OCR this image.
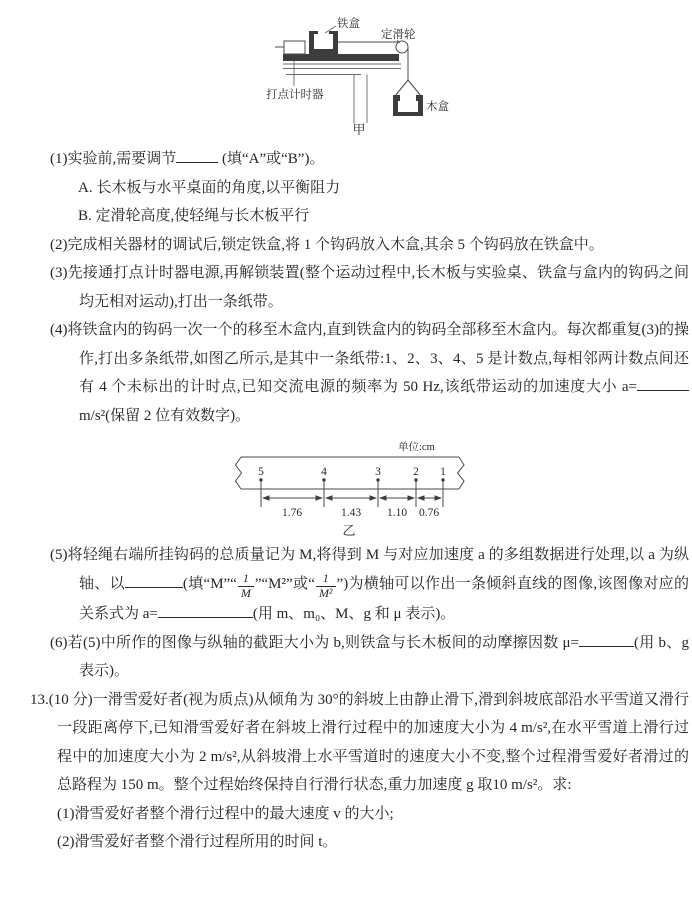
打点计时器
铁盒
定滑轮
木盒
甲
(1)实验前,需要调节	(填“A”或“B”)。
A. 长木板与水平桌面的角度,以平衡阻力
B. 定滑轮高度,使轻绳与长木板平行
(2)完成相关器材的调试后,锁定铁盒,将 1 个钩码放入木盒,其余 5 个钩码放在铁盒中。
(3)先接通打点计时器电源,再解锁装置(整个运动过程中,长木板与实验桌、铁盒与盒内的钩码之间均无相对运动),打出一条纸带。
(4)将铁盒内的钩码一次一个的移至木盒内,直到铁盒内的钩码全部移至木盒内。每次都重复(3)的操作,打出多条纸带,如图乙所示,是其中一条纸带:1、2、3、4、5 是计数点,每相邻两计数点间还有 4 个未标出的计时点,已知交流电源的频率为 50 Hz,该纸带运动的加速度大小 a= m/s²(保留 2 位有效数字)。
单位:cm
5	4	3	2 1
1.76	1.43 1.10 0.76
乙
(5)将轻绳右端所挂钩码的总质量记为 M,将得到 M 与对应加速度 a 的多组数据进行处理,以 a 为纵轴、以	(填“M”“ $\frac{1}{M}$ ”“M²”或“ $\frac{1}{\text{M²}}$ ”)为横轴可以作出一条倾斜直线的图像,该图像对应的关系式为 a=	(用 m、m₀、M、g 和 μ 表示)。
(6)若(5)中所作的图像与纵轴的截距大小为 b,则铁盒与长木板间的动摩擦因数 μ=	(用 b、g 表示)。
13.(10 分)一滑雪爱好者(视为质点)从倾角为 30°的斜坡上由静止滑下,滑到斜坡底部沿水平雪道又滑行一段距离停下,已知滑雪爱好者在斜坡上滑行过程中的加速度大小为 4 m/s²,在水平雪道上滑行过程中的加速度大小为 2 m/s²,从斜坡滑上水平雪道时的速度大小不变,整个过程滑雪爱好者滑过的总路程为 150 m。整个过程始终保持自行滑行状态,重力加速度 g 取10 m/s²。求:
(1)滑雪爱好者整个滑行过程中的最大速度 v 的大小;
(2)滑雪爱好者整个滑行过程所用的时间 t。
